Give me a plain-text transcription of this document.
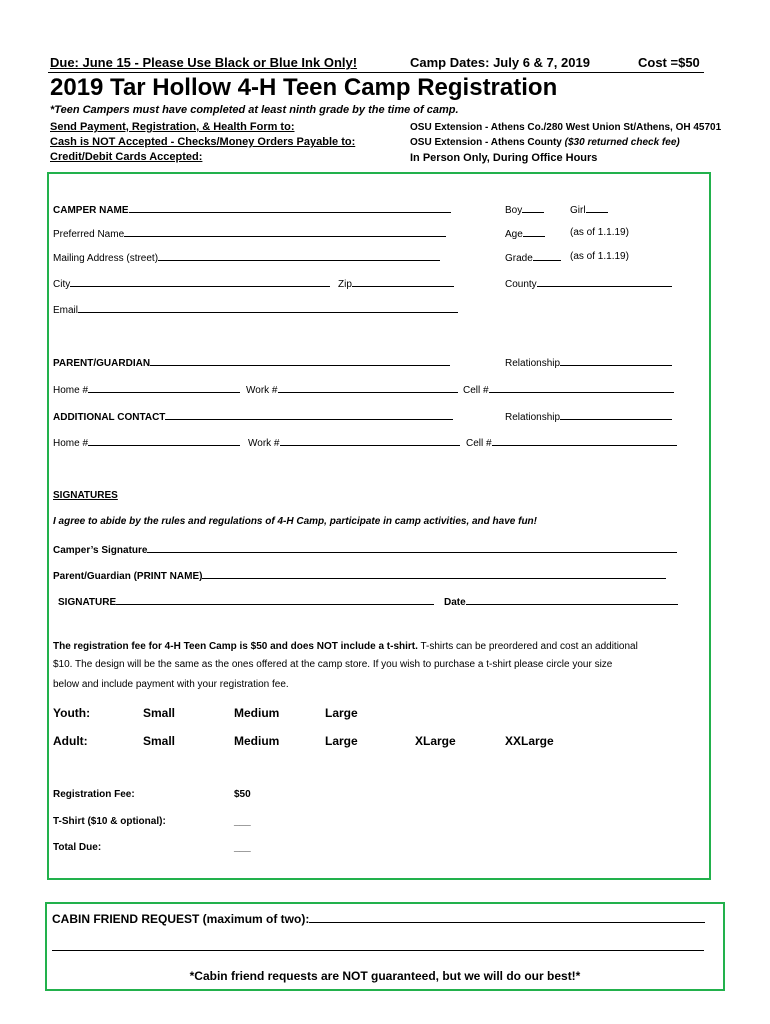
Due: June 15 - Please Use Black or Blue Ink Only!	Camp Dates: July 6 & 7, 2019	Cost =$50
2019 Tar Hollow 4-H Teen Camp Registration
*Teen Campers must have completed at least ninth grade by the time of camp.
Send Payment, Registration, & Health Form to:	OSU Extension - Athens Co./280 West Union St/Athens, OH 45701
Cash is NOT Accepted - Checks/Money Orders Payable to:	OSU Extension - Athens County ($30 returned check fee)
Credit/Debit Cards Accepted:	In Person Only, During Office Hours
CAMPER NAME	Boy	Girl
Preferred Name	Age	(as of 1.1.19)
Mailing Address (street)	Grade	(as of 1.1.19)
City	Zip	County
Email
PARENT/GUARDIAN	Relationship
Home #	Work #	Cell #
ADDITIONAL CONTACT	Relationship
Home #	Work #	Cell #
SIGNATURES
I agree to abide by the rules and regulations of 4-H Camp, participate in camp activities, and have fun!
Camper’s Signature
Parent/Guardian (PRINT NAME)
SIGNATURE	Date
The registration fee for 4-H Teen Camp is $50 and does NOT include a t-shirt. T-shirts can be preordered and cost an additional
$10. The design will be the same as the ones offered at the camp store. If you wish to purchase a t-shirt please circle your size
below and include payment with your registration fee.
Youth:	Small	Medium	Large
Adult:	Small	Medium	Large	XLarge	XXLarge
Registration Fee:	$50
T-Shirt ($10 & optional):	___
Total Due:	___
CABIN FRIEND REQUEST (maximum of two):
*Cabin friend requests are NOT guaranteed, but we will do our best!*
